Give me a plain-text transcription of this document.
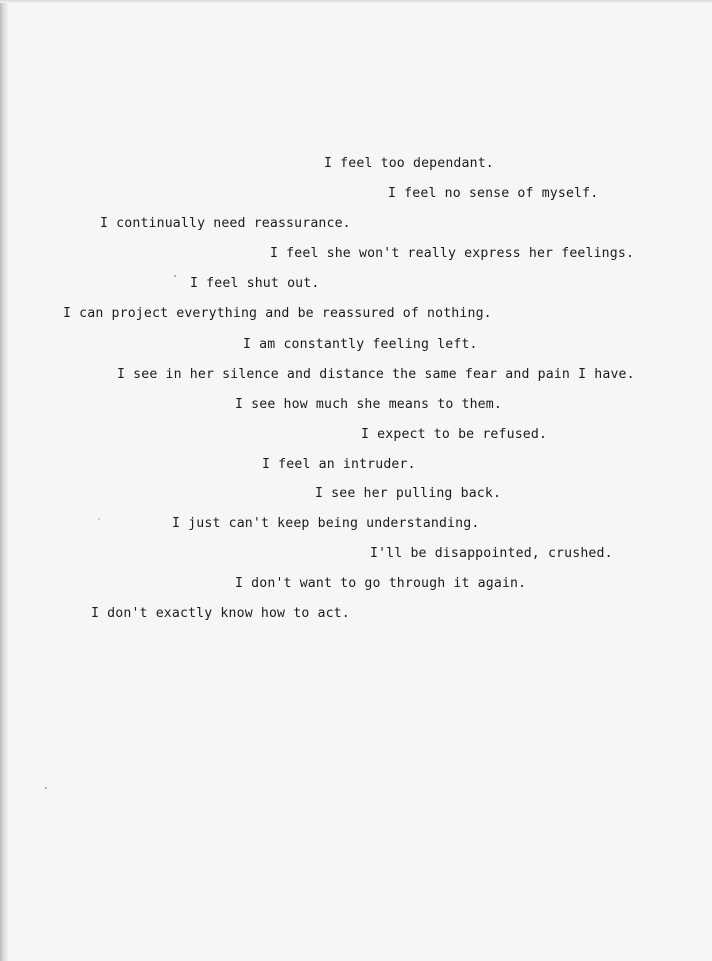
I feel too dependant.
I feel no sense of myself.
I continually need reassurance.
I feel she won't really express her feelings.
I feel shut out.
I can project everything and be reassured of nothing.
I am constantly feeling left.
I see in her silence and distance the same fear and pain I have.
I see how much she means to them.
I expect to be refused.
I feel an intruder.
I see her pulling back.
I just can't keep being understanding.
I'll be disappointed, crushed.
I don't want to go through it again.
I don't exactly know how to act.
